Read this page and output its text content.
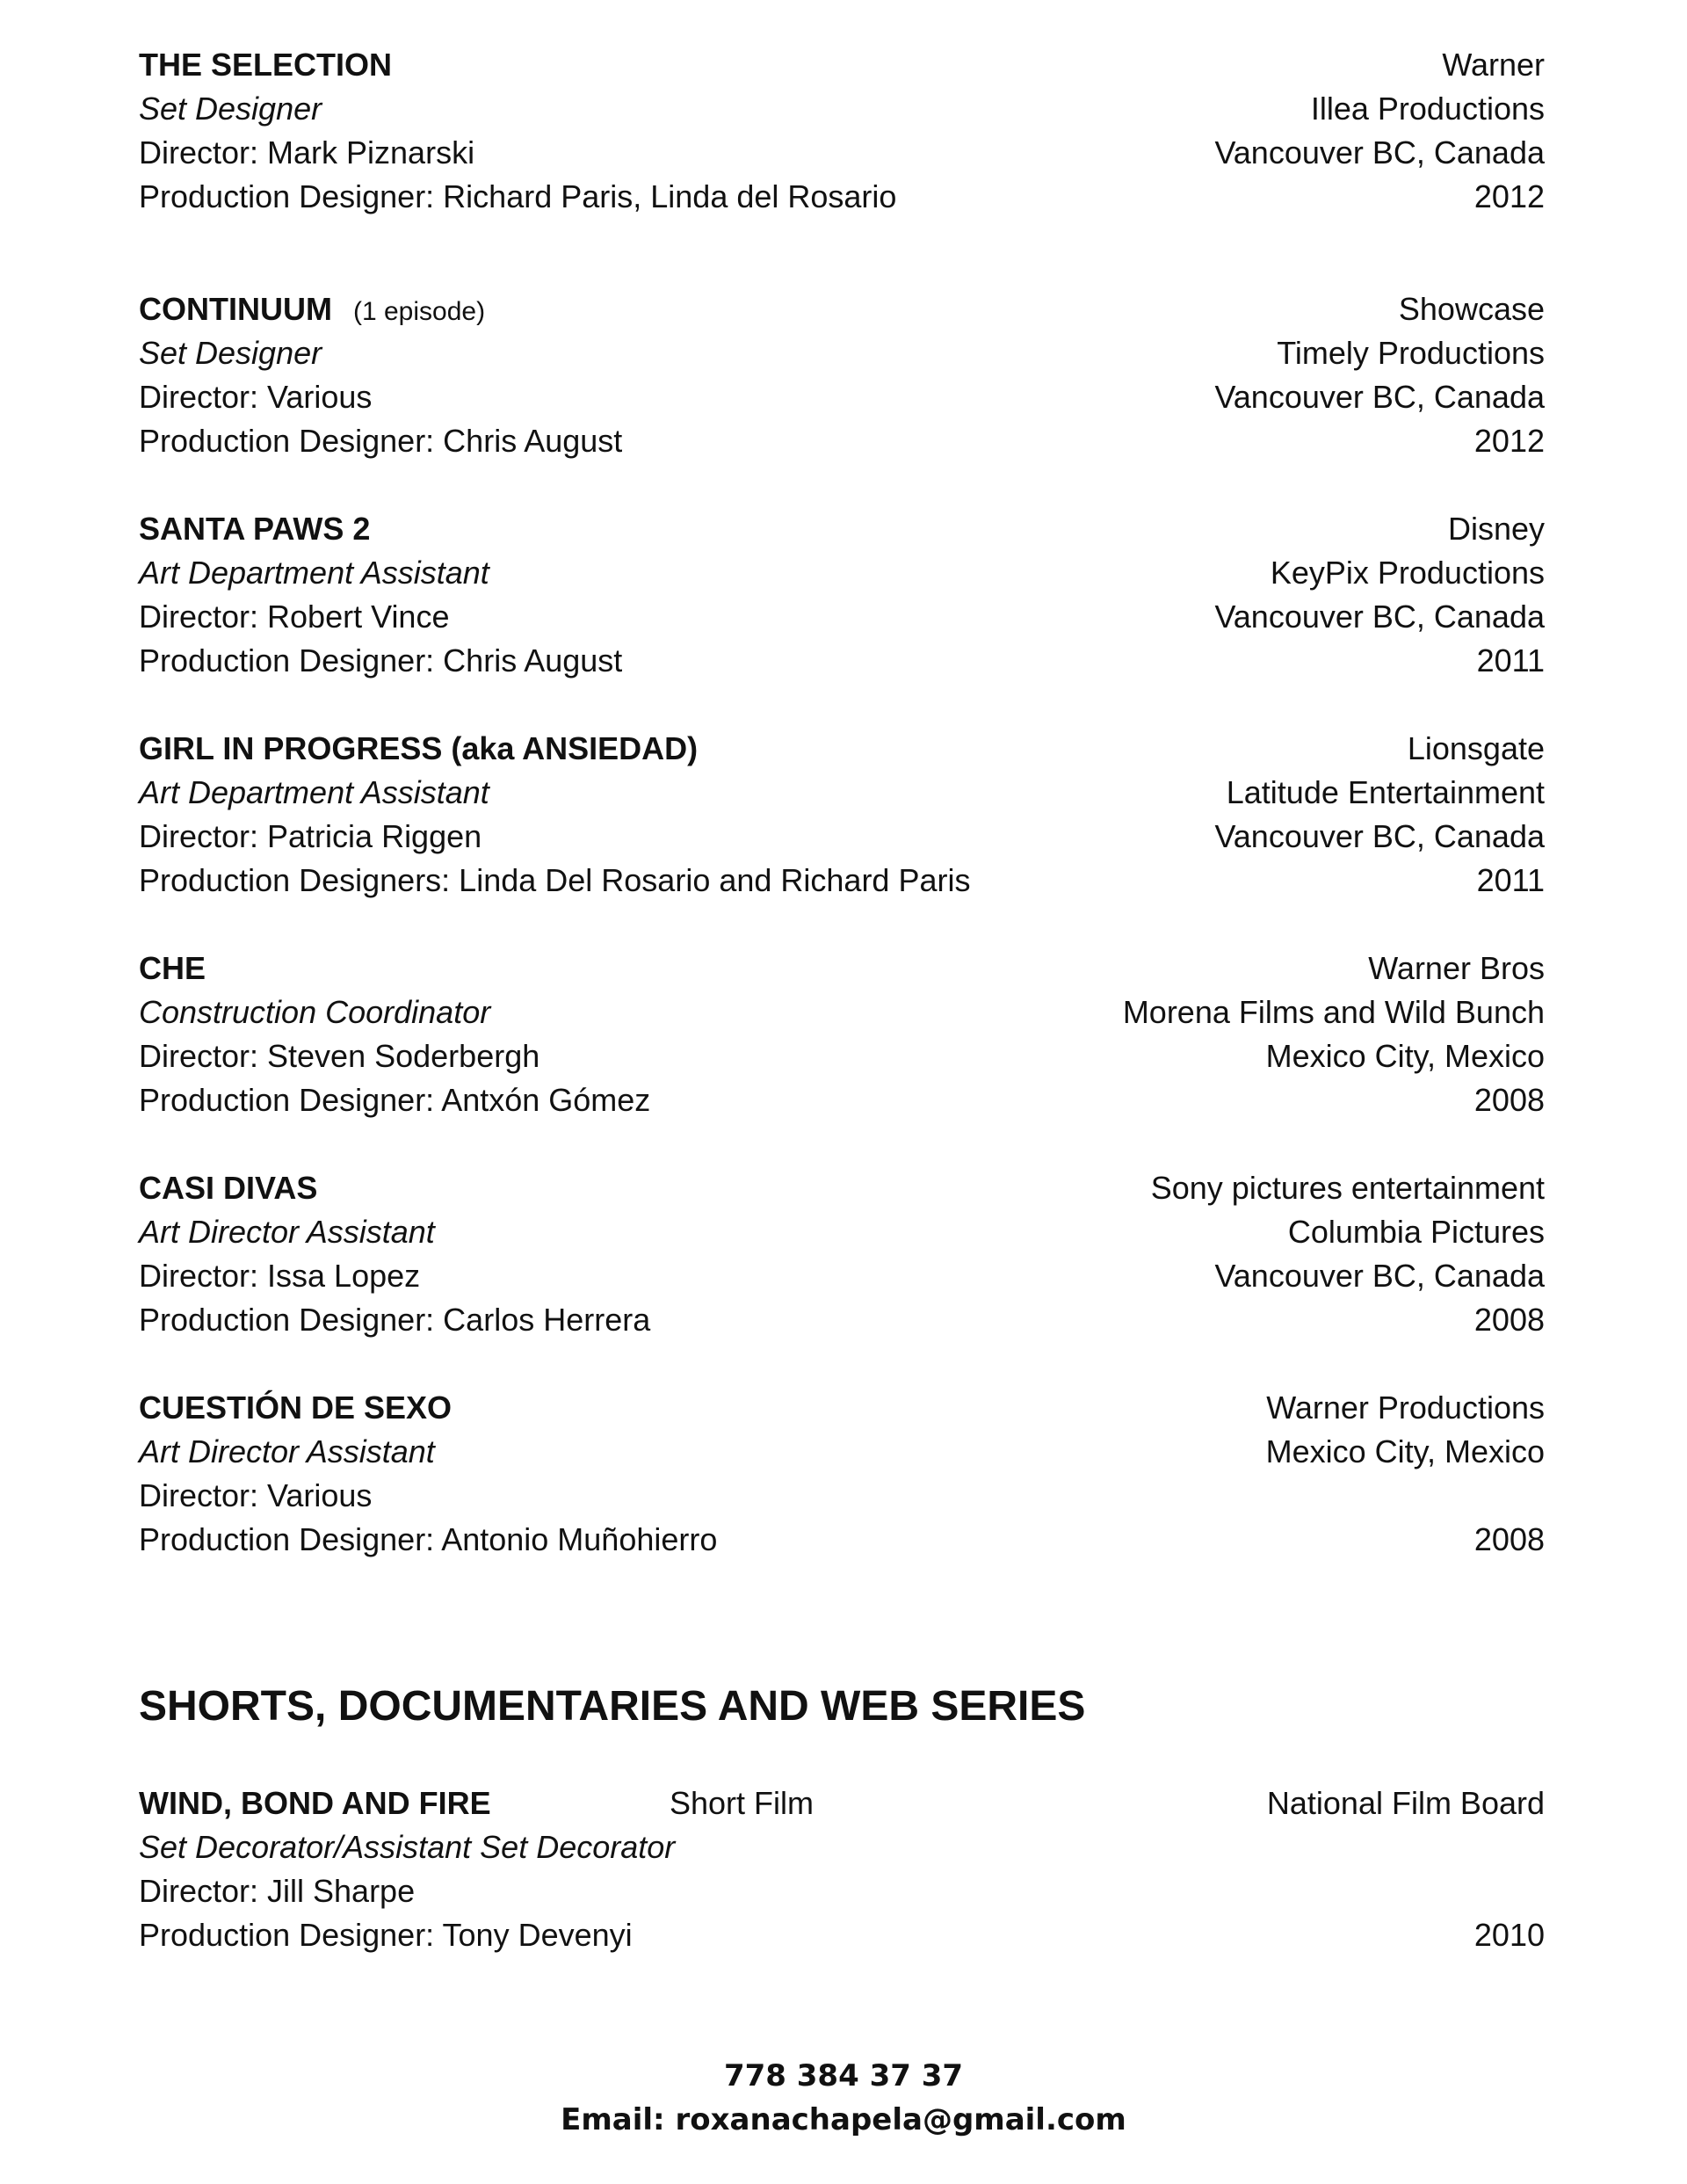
THE SELECTION	Warner
Set Designer	Illea Productions
Director: Mark Piznarski	Vancouver BC, Canada
Production Designer: Richard Paris, Linda del Rosario	2012
CONTINUUM (1 episode)	Showcase
Set Designer	Timely Productions
Director: Various	Vancouver BC, Canada
Production Designer: Chris August	2012
SANTA PAWS 2	Disney
Art Department Assistant	KeyPix Productions
Director: Robert Vince	Vancouver BC, Canada
Production Designer: Chris August	2011
GIRL IN PROGRESS (aka ANSIEDAD)	Lionsgate
Art Department Assistant	Latitude Entertainment
Director: Patricia Riggen	Vancouver BC, Canada
Production Designers: Linda Del Rosario and Richard Paris	2011
CHE	Warner Bros
Construction Coordinator	Morena Films and Wild Bunch
Director: Steven Soderbergh	Mexico City, Mexico
Production Designer: Antxón Gómez	2008
CASI DIVAS	Sony pictures entertainment
Art Director Assistant	Columbia Pictures
Director: Issa Lopez	Vancouver BC, Canada
Production Designer: Carlos Herrera	2008
CUESTIÓN DE SEXO	Warner Productions
Art Director Assistant	Mexico City, Mexico
Director: Various
Production Designer: Antonio Muñohierro	2008
SHORTS, DOCUMENTARIES AND WEB SERIES
WIND, BOND AND FIRE	Short Film	National Film Board
Set Decorator/Assistant Set Decorator
Director: Jill Sharpe
Production Designer: Tony Devenyi	2010
778 384 37 37
Email: roxanachapela@gmail.com
